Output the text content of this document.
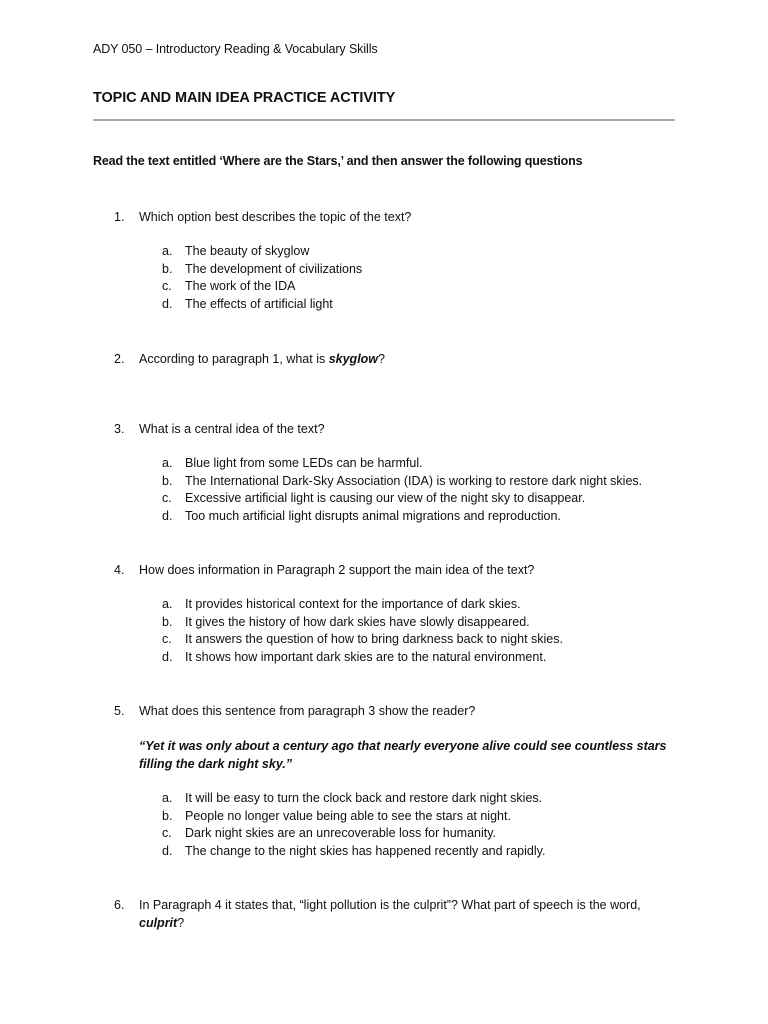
ADY 050 – Introductory Reading & Vocabulary Skills
TOPIC AND MAIN IDEA PRACTICE ACTIVITY
Read the text entitled ‘Where are the Stars,’ and then answer the following questions
1. Which option best describes the topic of the text?
a. The beauty of skyglow
b. The development of civilizations
c. The work of the IDA
d. The effects of artificial light
2. According to paragraph 1, what is skyglow?
3. What is a central idea of the text?
a. Blue light from some LEDs can be harmful.
b. The International Dark-Sky Association (IDA) is working to restore dark night skies.
c. Excessive artificial light is causing our view of the night sky to disappear.
d. Too much artificial light disrupts animal migrations and reproduction.
4. How does information in Paragraph 2 support the main idea of the text?
a. It provides historical context for the importance of dark skies.
b. It gives the history of how dark skies have slowly disappeared.
c. It answers the question of how to bring darkness back to night skies.
d. It shows how important dark skies are to the natural environment.
5. What does this sentence from paragraph 3 show the reader?
“Yet it was only about a century ago that nearly everyone alive could see countless stars filling the dark night sky.”
a. It will be easy to turn the clock back and restore dark night skies.
b. People no longer value being able to see the stars at night.
c. Dark night skies are an unrecoverable loss for humanity.
d. The change to the night skies has happened recently and rapidly.
6. In Paragraph 4 it states that, “light pollution is the culprit”? What part of speech is the word, culprit?
